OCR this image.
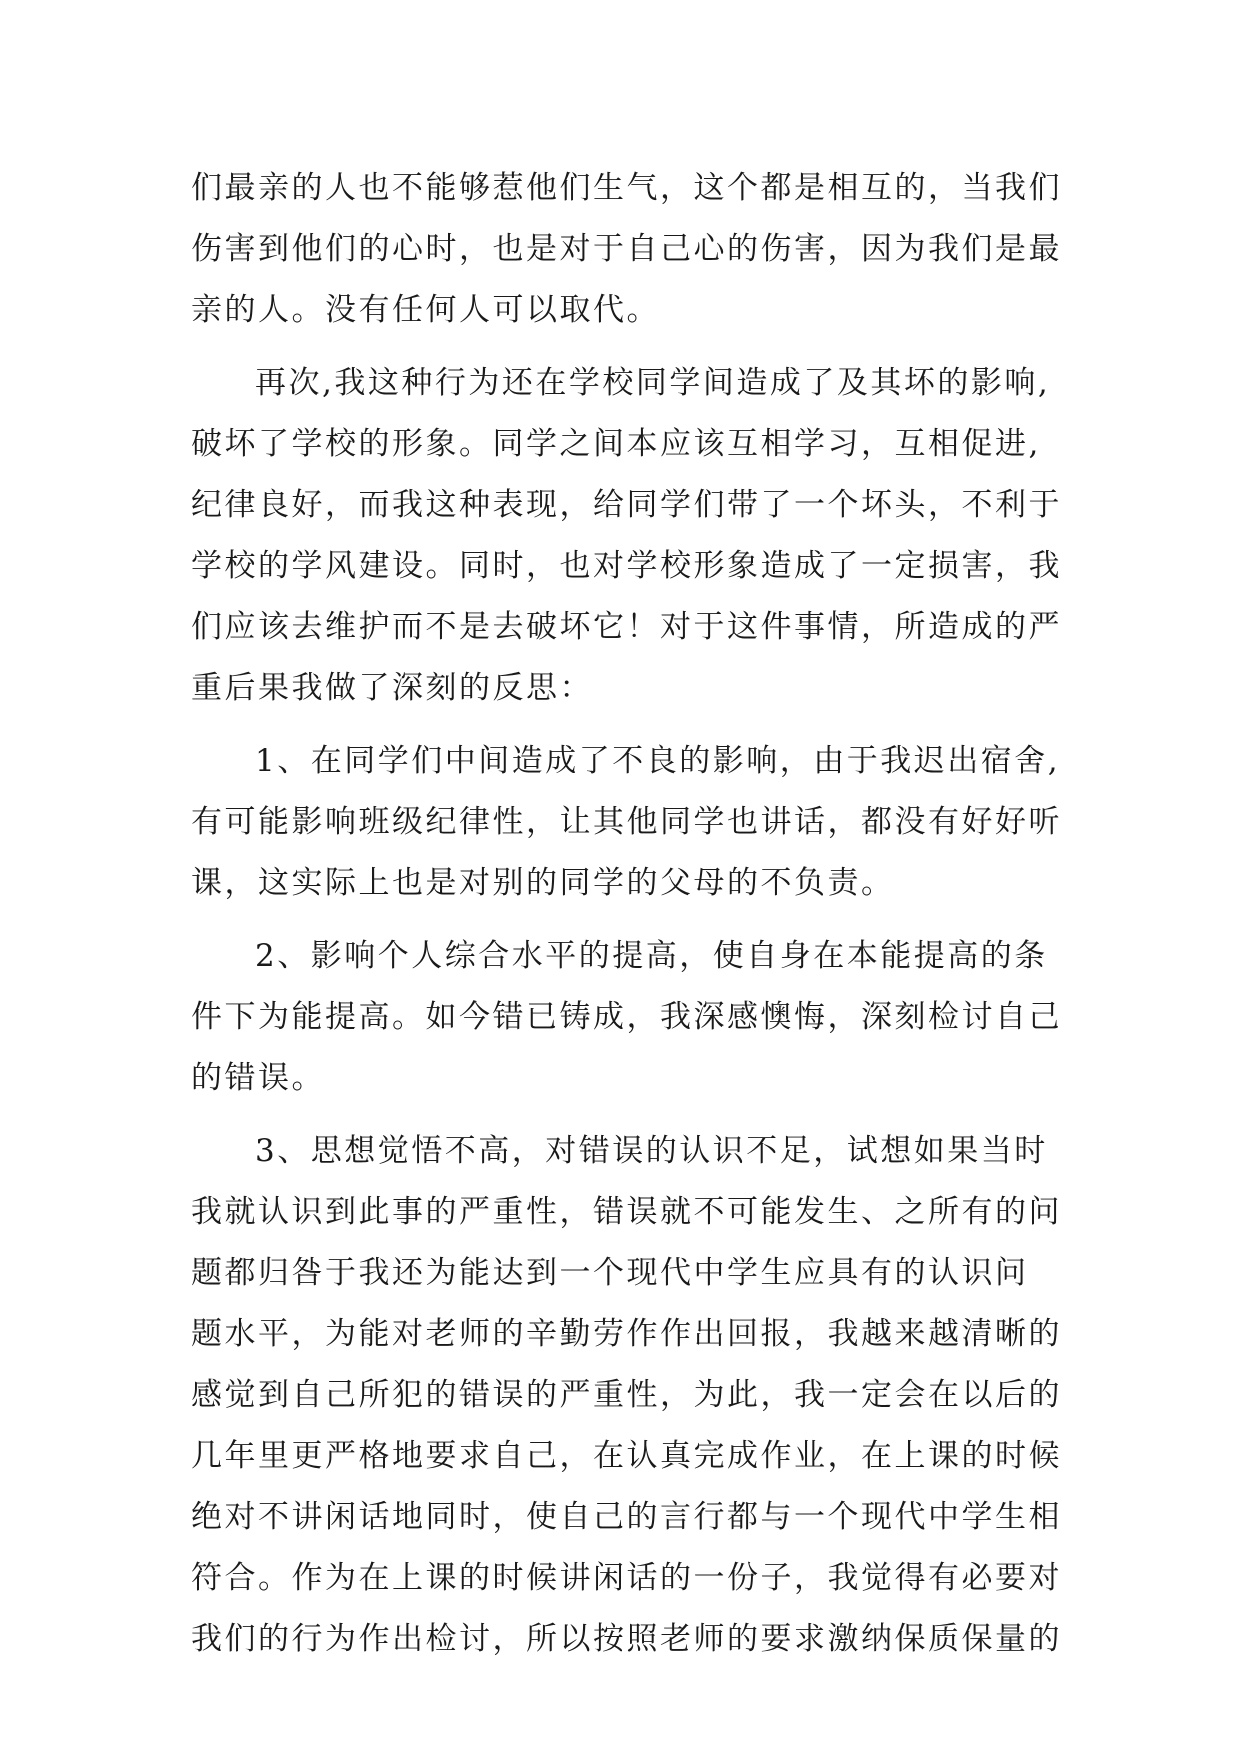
们最亲的人也不能够惹他们生气，这个都是相互的，当我们
伤害到他们的心时，也是对于自己心的伤害，因为我们是最
亲的人。没有任何人可以取代。
再次,我这种行为还在学校同学间造成了及其坏的影响,
破坏了学校的形象。同学之间本应该互相学习，互相促进,
纪律良好，而我这种表现，给同学们带了一个坏头，不利于
学校的学风建设。同时，也对学校形象造成了一定损害，我
们应该去维护而不是去破坏它！对于这件事情，所造成的严
重后果我做了深刻的反思：
1、在同学们中间造成了不良的影响，由于我迟出宿舍,
有可能影响班级纪律性，让其他同学也讲话，都没有好好听
课，这实际上也是对别的同学的父母的不负责。
2、影响个人综合水平的提高，使自身在本能提高的条
件下为能提高。如今错已铸成，我深感懊悔，深刻检讨自己
的错误。
3、思想觉悟不高，对错误的认识不足，试想如果当时
我就认识到此事的严重性，错误就不可能发生、之所有的问
题都归咎于我还为能达到一个现代中学生应具有的认识问
题水平，为能对老师的辛勤劳作作出回报，我越来越清晰的
感觉到自己所犯的错误的严重性，为此，我一定会在以后的
几年里更严格地要求自己，在认真完成作业，在上课的时候
绝对不讲闲话地同时，使自己的言行都与一个现代中学生相
符合。作为在上课的时候讲闲话的一份子，我觉得有必要对
我们的行为作出检讨，所以按照老师的要求激纳保质保量的
